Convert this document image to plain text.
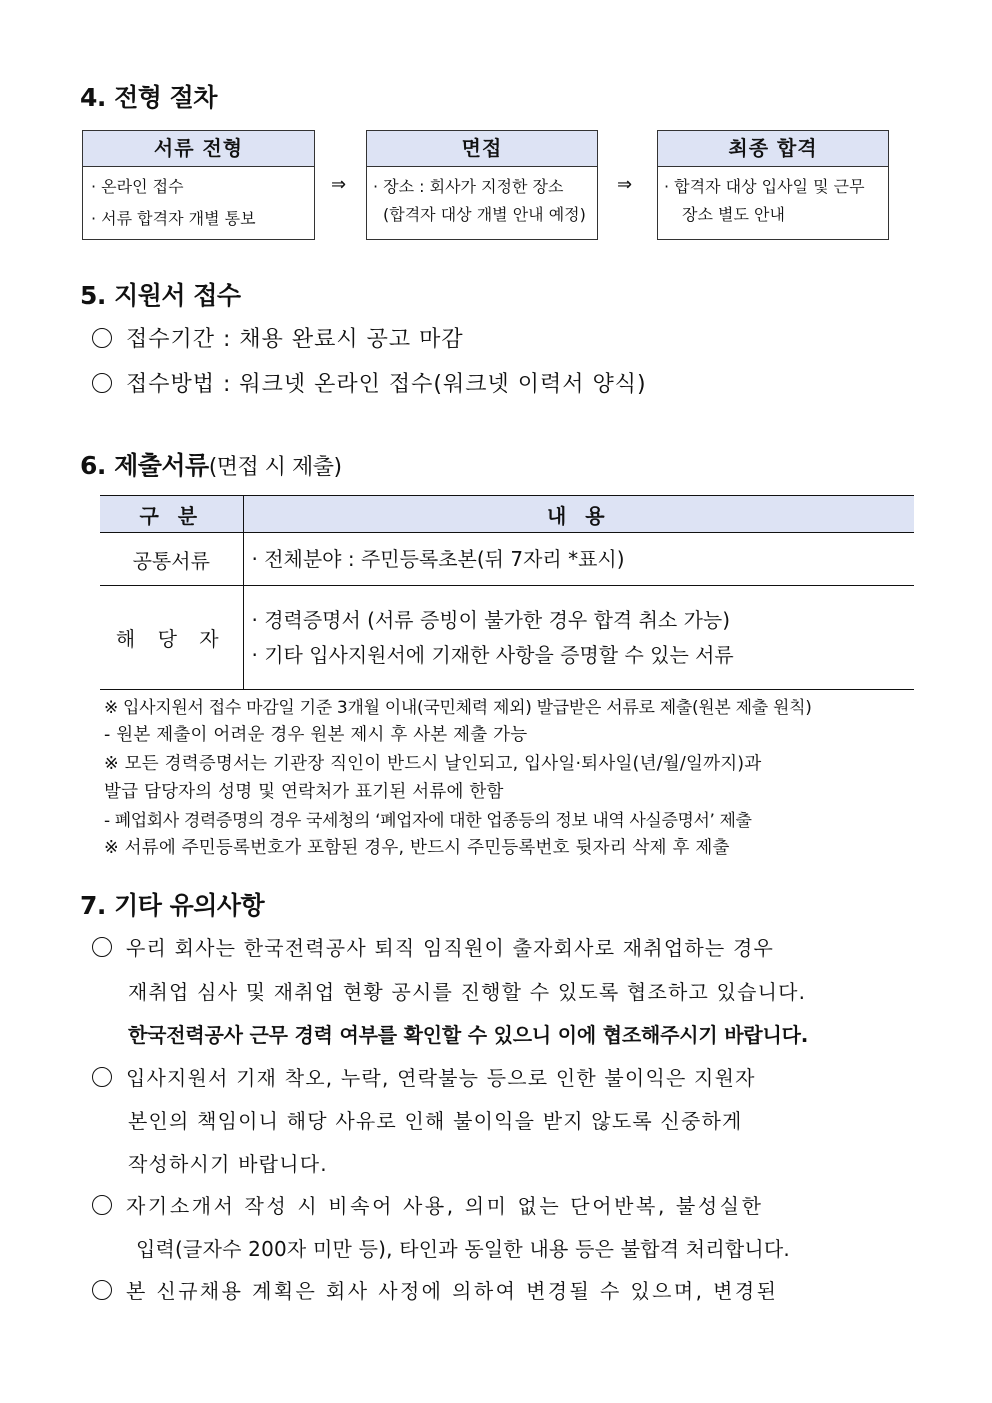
4. 전형 절차
서류 전형
· 온라인 접수
· 서류 합격자 개별 통보
⇒
면접
· 장소 : 회사가 지정한 장소
(합격자 대상 개별 안내 예정)
⇒
최종 합격
· 합격자 대상 입사일 및 근무
장소 별도 안내
5. 지원서 접수
접수기간 : 채용 완료시 공고 마감
접수방법 : 워크넷 온라인 접수(워크넷 이력서 양식)
6. 제출서류(면접 시 제출)
구 분	내 용
공통서류	· 전체분야 : 주민등록초본(뒤 7자리 *표시)

해 당 자	· 경력증명서 (서류 증빙이 불가한 경우 합격 취소 가능)
· 기타 입사지원서에 기재한 사항을 증명할 수 있는 서류
※ 입사지원서 접수 마감일 기준 3개월 이내(국민체력 제외) 발급받은 서류로 제출(원본 제출 원칙)
- 원본 제출이 어려운 경우 원본 제시 후 사본 제출 가능
※ 모든 경력증명서는 기관장 직인이 반드시 날인되고, 입사일·퇴사일(년/월/일까지)과
발급 담당자의 성명 및 연락처가 표기된 서류에 한함
- 폐업회사 경력증명의 경우 국세청의 ‘폐업자에 대한 업종등의 정보 내역 사실증명서’ 제출
※ 서류에 주민등록번호가 포함된 경우, 반드시 주민등록번호 뒷자리 삭제 후 제출
7. 기타 유의사항
우리 회사는 한국전력공사 퇴직 임직원이 출자회사로 재취업하는 경우
재취업 심사 및 재취업 현황 공시를 진행할 수 있도록 협조하고 있습니다.
한국전력공사 근무 경력 여부를 확인할 수 있으니 이에 협조해주시기 바랍니다.
입사지원서 기재 착오, 누락, 연락불능 등으로 인한 불이익은 지원자
본인의 책임이니 해당 사유로 인해 불이익을 받지 않도록 신중하게
작성하시기 바랍니다.
자기소개서 작성 시 비속어 사용, 의미 없는 단어반복, 불성실한
입력(글자수 200자 미만 등), 타인과 동일한 내용 등은 불합격 처리합니다.
본 신규채용 계획은 회사 사정에 의하여 변경될 수 있으며, 변경된
